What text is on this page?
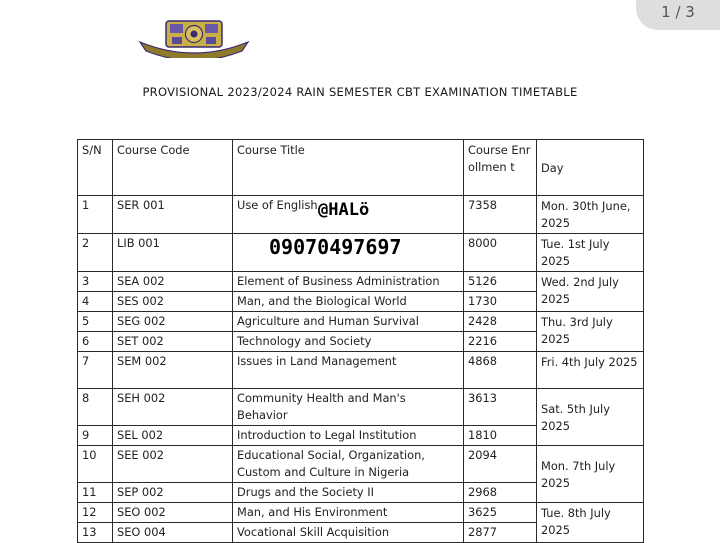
1 / 3
PROVISIONAL 2023/2024 RAIN SEMESTER CBT EXAMINATION TIMETABLE
S/N	Course Code	Course Title	Course Enrollmen t	Day
1	SER 001	Use of English	7358	Mon. 30th June, 2025
2	LIB 001		8000	Tue. 1st July 2025
3	SEA 002	Element of Business Administration	5126	Wed. 2nd July 2025
4	SES 002	Man, and the Biological World	1730	
5	SEG 002	Agriculture and Human Survival	2428	Thu. 3rd July 2025
6	SET 002	Technology and Society	2216	
7	SEM 002	Issues in Land Management	4868	Fri. 4th July 2025
8	SEH 002	Community Health and Man's Behavior	3613	Sat. 5th July 2025
9	SEL 002	Introduction to Legal Institution	1810	
10	SEE 002	Educational Social, Organization, Custom and Culture in Nigeria	2094	Mon. 7th July 2025
11	SEP 002	Drugs and the Society II	2968	
12	SEO 002	Man, and His Environment	3625	Tue. 8th July 2025
13	SEO 004	Vocational Skill Acquisition	2877	
@HALö
09070497697
